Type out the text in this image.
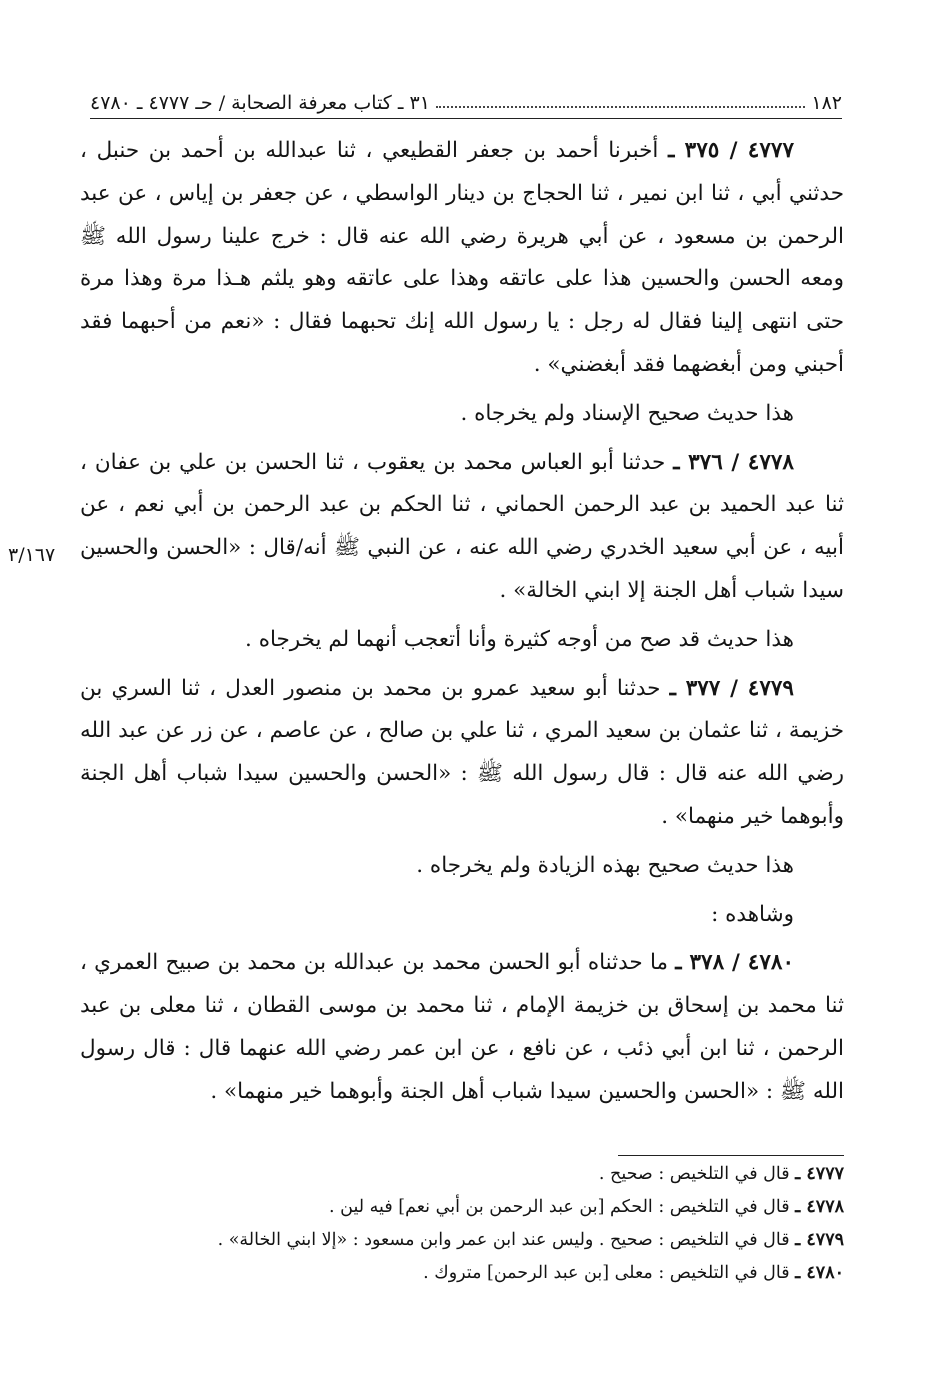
١٨٢
٣١ ـ كتاب معرفة الصحابة / حـ ٤٧٧٧ ـ ٤٧٨٠
٣/١٦٧

٤٧٧٧ / ٣٧٥ ـ أخبرنا أحمد بن جعفر القطيعي ، ثنا عبدالله بن أحمد بن حنبل ، حدثني أبي ، ثنا ابن نمير ، ثنا الحجاج بن دينار الواسطي ، عن جعفر بن إياس ، عن عبد الرحمن بن مسعود ، عن أبي هريرة رضي الله عنه قال : خرج علينا رسول الله ﷺ ومعه الحسن والحسين هذا على عاتقه وهذا على عاتقه وهو يلثم هـذا مرة وهذا مرة حتى انتهى إلينا فقال له رجل : يا رسول الله إنك تحبهما فقال : «نعم من أحبهما فقد أحبني ومن أبغضهما فقد أبغضني» .

هذا حديث صحيح الإسناد ولم يخرجاه .

٤٧٧٨ / ٣٧٦ ـ حدثنا أبو العباس محمد بن يعقوب ، ثنا الحسن بن علي بن عفان ، ثنا عبد الحميد بن عبد الرحمن الحماني ، ثنا الحكم بن عبد الرحمن بن أبي نعم ، عن أبيه ، عن أبي سعيد الخدري رضي الله عنه ، عن النبي ﷺ أنه/قال : «الحسن والحسين سيدا شباب أهل الجنة إلا ابني الخالة» .

هذا حديث قد صح من أوجه كثيرة وأنا أتعجب أنهما لم يخرجاه .

٤٧٧٩ / ٣٧٧ ـ حدثنا أبو سعيد عمرو بن محمد بن منصور العدل ، ثنا السري بن خزيمة ، ثنا عثمان بن سعيد المري ، ثنا علي بن صالح ، عن عاصم ، عن زر عن عبد الله رضي الله عنه قال : قال رسول الله ﷺ : «الحسن والحسين سيدا شباب أهل الجنة وأبوهما خير منهما» .

هذا حديث صحيح بهذه الزيادة ولم يخرجاه .

وشاهده :

٤٧٨٠ / ٣٧٨ ـ ما حدثناه أبو الحسن محمد بن عبدالله بن محمد بن صبيح العمري ، ثنا محمد بن إسحاق بن خزيمة الإمام ، ثنا محمد بن موسى القطان ، ثنا معلى بن عبد الرحمن ، ثنا ابن أبي ذئب ، عن نافع ، عن ابن عمر رضي الله عنهما قال : قال رسول الله ﷺ : «الحسن والحسين سيدا شباب أهل الجنة وأبوهما خير منهما» .

٤٧٧٧ ـ قال في التلخيص : صحيح .

٤٧٧٨ ـ قال في التلخيص : الحكم [بن عبد الرحمن بن أبي نعم] فيه لين .

٤٧٧٩ ـ قال في التلخيص : صحيح . وليس عند ابن عمر وابن مسعود : «إلا ابني الخالة» .

٤٧٨٠ ـ قال في التلخيص : معلى [بن عبد الرحمن] متروك .
